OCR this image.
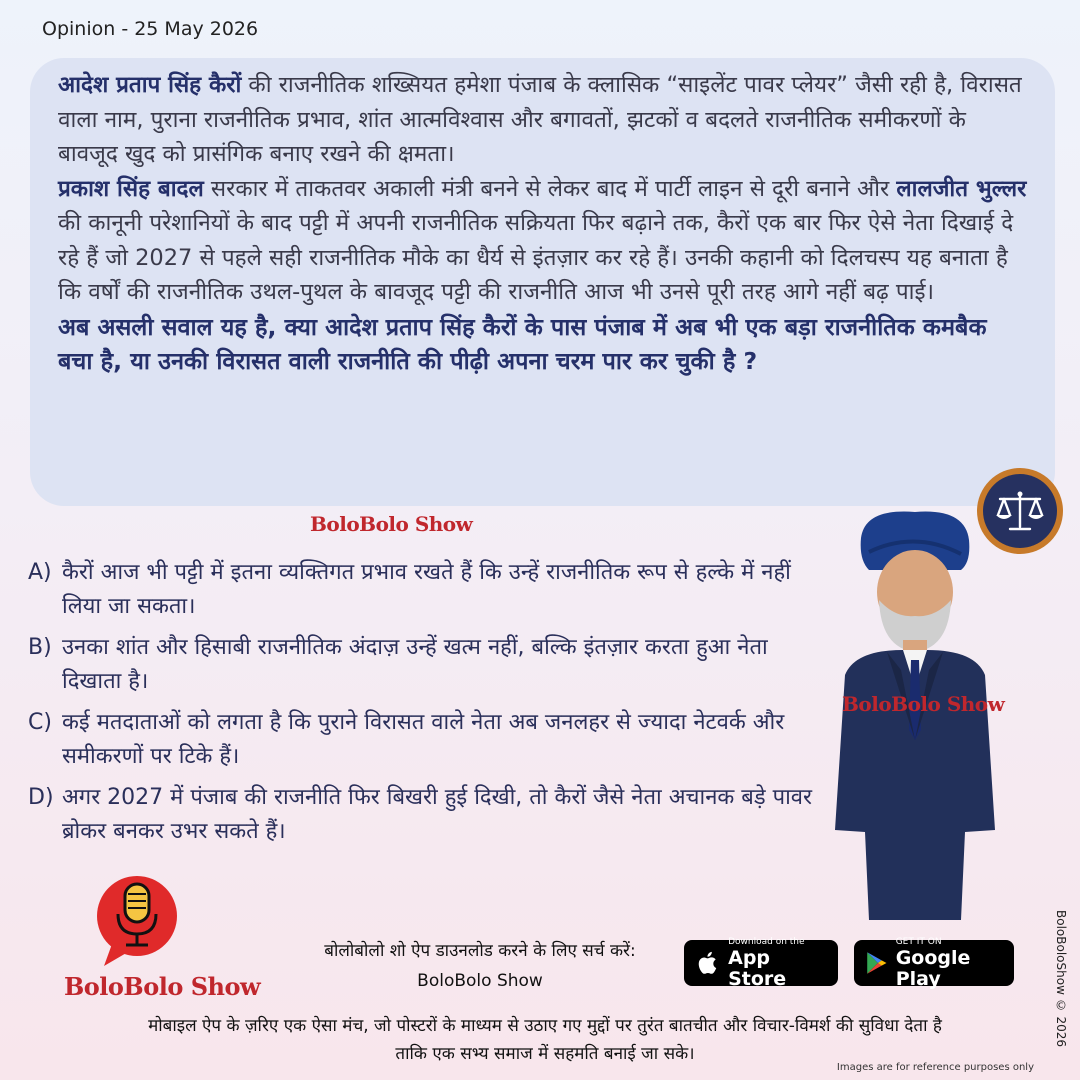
Opinion - 25 May 2026

आदेश प्रताप सिंह कैरों की राजनीतिक शख्सियत हमेशा पंजाब के क्लासिक “साइलेंट पावर प्लेयर” जैसी रही है, विरासत वाला नाम, पुराना राजनीतिक प्रभाव, शांत आत्मविश्वास और बगावतों, झटकों व बदलते राजनीतिक समीकरणों के बावजूद खुद को प्रासंगिक बनाए रखने की क्षमता।

प्रकाश सिंह बादल सरकार में ताकतवर अकाली मंत्री बनने से लेकर बाद में पार्टी लाइन से दूरी बनाने और लालजीत भुल्लर की कानूनी परेशानियों के बाद पट्टी में अपनी राजनीतिक सक्रियता फिर बढ़ाने तक, कैरों एक बार फिर ऐसे नेता दिखाई दे रहे हैं जो 2027 से पहले सही राजनीतिक मौके का धैर्य से इंतज़ार कर रहे हैं। उनकी कहानी को दिलचस्प यह बनाता है कि वर्षों की राजनीतिक उथल-पुथल के बावजूद पट्टी की राजनीति आज भी उनसे पूरी तरह आगे नहीं बढ़ पाई।

अब असली सवाल यह है, क्या आदेश प्रताप सिंह कैरों के पास पंजाब में अब भी एक बड़ा राजनीतिक कमबैक बचा है, या उनकी विरासत वाली राजनीति की पीढ़ी अपना चरम पार कर चुकी है ?

BoloBolo Show
A) कैरों आज भी पट्टी में इतना व्यक्तिगत प्रभाव रखते हैं कि उन्हें राजनीतिक रूप से हल्के में नहीं लिया जा सकता।
B) उनका शांत और हिसाबी राजनीतिक अंदाज़ उन्हें खत्म नहीं, बल्कि इंतज़ार करता हुआ नेता दिखाता है।
C) कई मतदाताओं को लगता है कि पुराने विरासत वाले नेता अब जनलहर से ज्यादा नेटवर्क और समीकरणों पर टिके हैं।
D) अगर 2027 में पंजाब की राजनीति फिर बिखरी हुई दिखी, तो कैरों जैसे नेता अचानक बड़े पावर ब्रोकर बनकर उभर सकते हैं।
BoloBolo Show
BoloBolo Show
बोलोबोलो शो ऐप डाउनलोड करने के लिए सर्च करें:
BoloBolo Show
Download on the
App Store
GET IT ON
Google Play
मोबाइल ऐप के ज़रिए एक ऐसा मंच, जो पोस्टरों के माध्यम से उठाए गए मुद्दों पर तुरंत बातचीत और विचार-विमर्श की सुविधा देता है
ताकि एक सभ्य समाज में सहमति बनाई जा सके।
Images are for reference purposes only
BoloBoloShow © 2026
